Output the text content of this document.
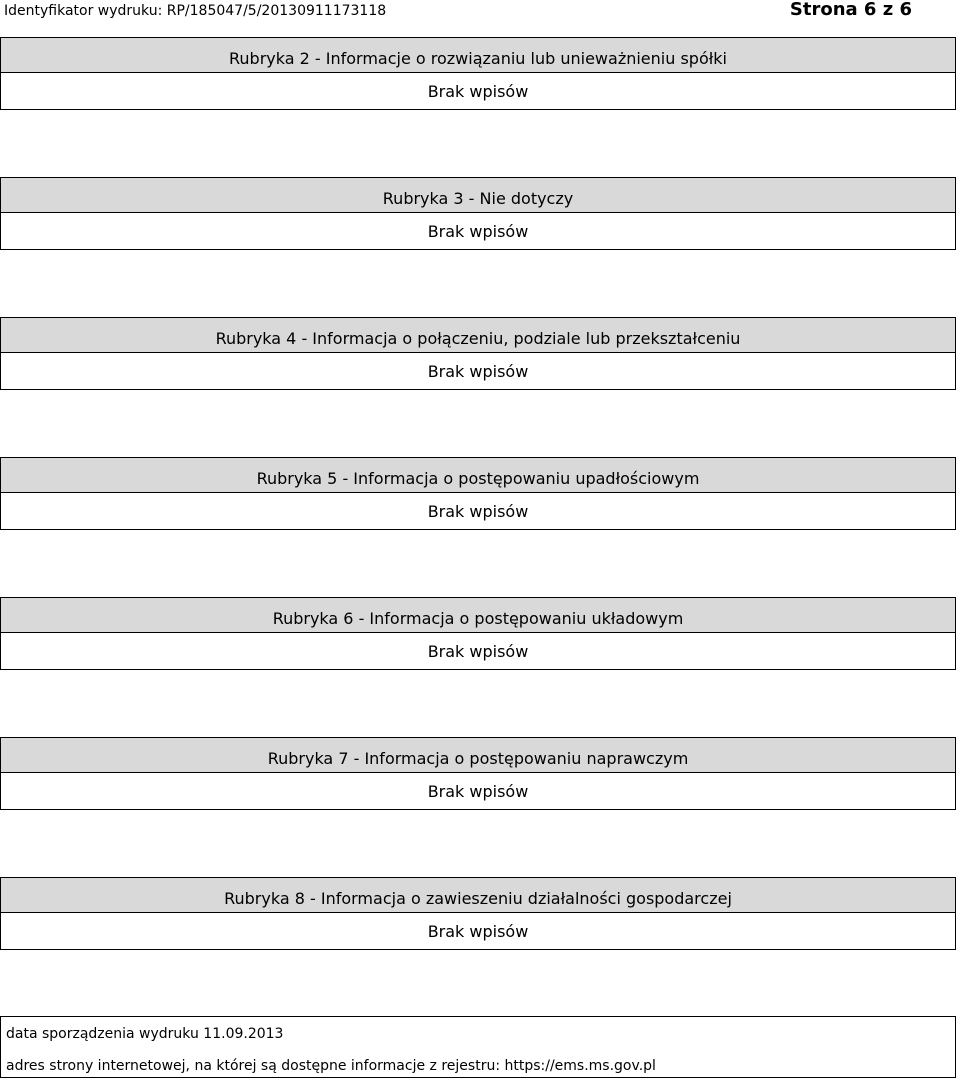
Identyfikator wydruku: RP/185047/5/20130911173118	Strona 6 z 6
Rubryka 2 - Informacje o rozwiązaniu lub unieważnieniu spółki
Brak wpisów
Rubryka 3 - Nie dotyczy
Brak wpisów
Rubryka 4 - Informacja o połączeniu, podziale lub przekształceniu
Brak wpisów
Rubryka 5 - Informacja o postępowaniu upadłościowym
Brak wpisów
Rubryka 6 - Informacja o postępowaniu układowym
Brak wpisów
Rubryka 7 - Informacja o postępowaniu naprawczym
Brak wpisów
Rubryka 8 - Informacja o zawieszeniu działalności gospodarczej
Brak wpisów
data sporządzenia wydruku 11.09.2013
adres strony internetowej, na której są dostępne informacje z rejestru: https://ems.ms.gov.pl
